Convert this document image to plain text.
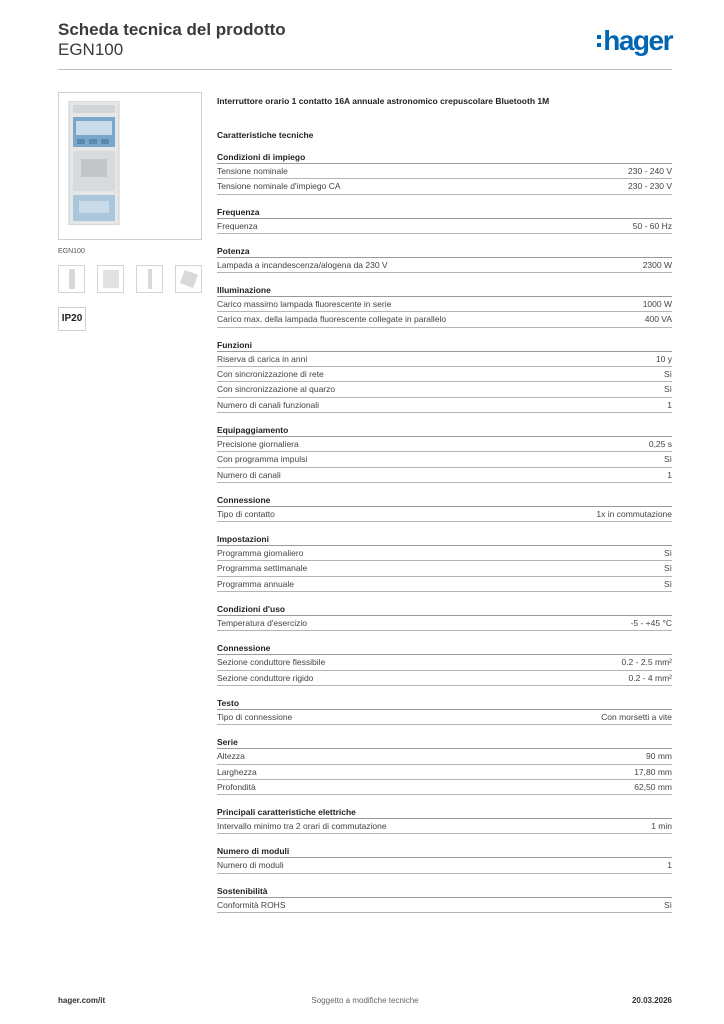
Scheda tecnica del prodotto
EGN100	hager
EGN100
IP20
Interruttore orario 1 contatto 16A annuale astronomico crepuscolare Bluetooth 1M
Caratteristiche tecniche
Condizioni di impiego
Tensione nominale	230 - 240 V
Tensione nominale d'impiego CA	230 - 230 V
Frequenza
Frequenza	50 - 60 Hz
Potenza
Lampada a incandescenza/alogena da 230 V	2300 W
Illuminazione
Carico massimo lampada fluorescente in serie	1000 W
Carico max. della lampada fluorescente collegate in parallelo	400 VA
Funzioni
Riserva di carica in anni	10 y
Con sincronizzazione di rete	Sì
Con sincronizzazione al quarzo	Sì
Numero di canali funzionali	1
Equipaggiamento
Precisione giornaliera	0,25 s
Con programma impulsi	Sì
Numero di canali	1
Connessione
Tipo di contatto	1x in commutazione
Impostazioni
Programma giornaliero	Sì
Programma settimanale	Sì
Programma annuale	Sì
Condizioni d'uso
Temperatura d'esercizio	-5 - +45 °C
Connessione
Sezione conduttore flessibile	0.2 - 2.5 mm²
Sezione conduttore rigido	0.2 - 4 mm²
Testo
Tipo di connessione	Con morsetti a vite
Serie
Altezza	90 mm
Larghezza	17,80 mm
Profondità	62,50 mm
Principali caratteristiche elettriche
Intervallo minimo tra 2 orari di commutazione	1 min
Numero di moduli
Numero di moduli	1
Sostenibilità
Conformità ROHS	Sì
hager.com/it	Soggetto a modifiche tecniche	20.03.2026
